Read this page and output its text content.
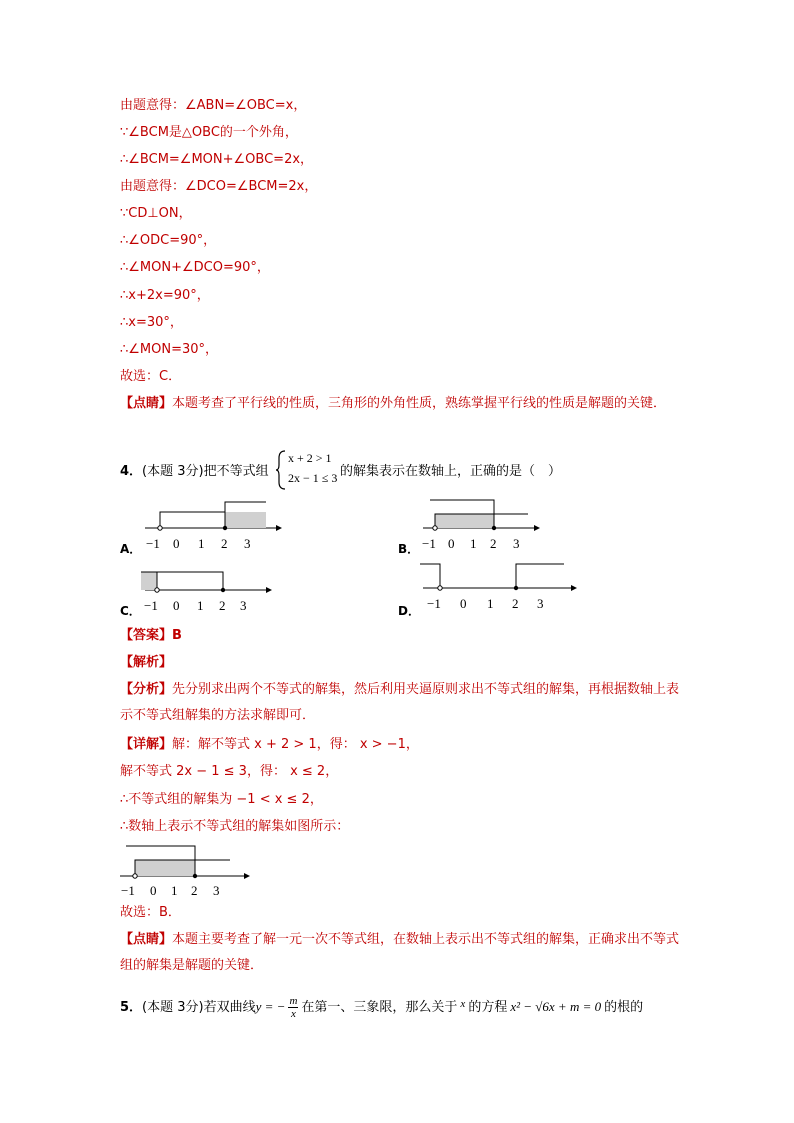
由题意得：∠ABN=∠OBC=x，
∵∠BCM是△OBC的一个外角，
∴∠BCM=∠MON+∠OBC=2x，
由题意得：∠DCO=∠BCM=2x，
∵CD⊥ON，
∴∠ODC=90°，
∴∠MON+∠DCO=90°，
∴x+2x=90°，
∴x=30°，
∴∠MON=30°，
故选：C．
【点睛】本题考查了平行线的性质，三角形的外角性质，熟练掌握平行线的性质是解题的关键．
4．(本题 3分)把不等式组
x + 2 > 1
2x − 1 ≤ 3 的解集表示在数轴上，正确的是（　）
A． −1 0 1 2 3	B． −1 0 1 2 3
C． −1 0 1 2 3	D． −1 0 1 2 3
【答案】B
【解析】
【分析】先分别求出两个不等式的解集，然后利用夹逼原则求出不等式组的解集，再根据数轴上表示不等式组解集的方法求解即可．
【详解】解：解不等式 x + 2 > 1，得： x > −1，
解不等式 2x − 1 ≤ 3，得： x ≤ 2，
∴不等式组的解集为 −1 < x ≤ 2，
∴数轴上表示不等式组的解集如图所示：
−1 0 1 2 3
故选：B．
【点睛】本题主要考查了解一元一次不等式组，在数轴上表示出不等式组的解集，正确求出不等式组的解集是解题的关键．
5．(本题 3分)若双曲线y = − $\frac{m}{x}$ 在第一、三象限，那么关于 $^x$ 的方程 x² − √6x + m = 0 的根的
